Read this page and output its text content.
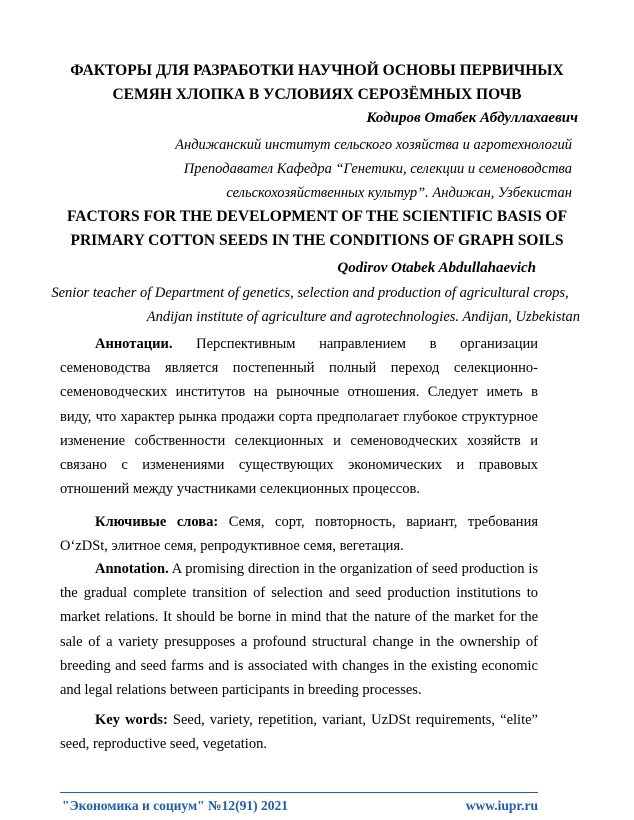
ФАКТОРЫ ДЛЯ РАЗРАБОТКИ НАУЧНОЙ ОСНОВЫ ПЕРВИЧНЫХ
СЕМЯН ХЛОПКА В УСЛОВИЯХ СЕРОЗЁМНЫХ ПОЧВ
Кодиров Отабек Абдуллахаевич
Андижанский институт сельского хозяйства и агротехнологий
Преподавател Кафедра “Генетики, селекции и семеноводства
сельскохозяйственных культур”. Андижан, Узбекистан
FACTORS FOR THE DEVELOPMENT OF THE SCIENTIFIC BASIS OF
PRIMARY COTTON SEEDS IN THE CONDITIONS OF GRAPH SOILS
Qodirov Otabek Abdullahaevich
Senior teacher of Department of genetics, selection and production of agricultural crops,
Andijan institute of agriculture and agrotechnologies. Andijan, Uzbekistan

Аннотации. Перспективным направлением в организации семеноводства является постепенный полный переход селекционно-семеноводческих институтов на рыночные отношения. Следует иметь в виду, что характер рынка продажи сорта предполагает глубокое структурное изменение собственности селекционных и семеноводческих хозяйств и связано с изменениями существующих экономических и правовых отношений между участниками селекционных процессов.

Ключивые слова: Семя, сорт, повторность, вариант, требования O‘zDSt, элитное семя, репродуктивное семя, вегетация.

Annotation. A promising direction in the organization of seed production is the gradual complete transition of selection and seed production institutions to market relations. It should be borne in mind that the nature of the market for the sale of a variety presupposes a profound structural change in the ownership of breeding and seed farms and is associated with changes in the existing economic and legal relations between participants in breeding processes.

Key words: Seed, variety, repetition, variant, UzDSt requirements, “elite” seed, reproductive seed, vegetation.

"Экономика и социум" №12(91) 2021	www.iupr.ru
